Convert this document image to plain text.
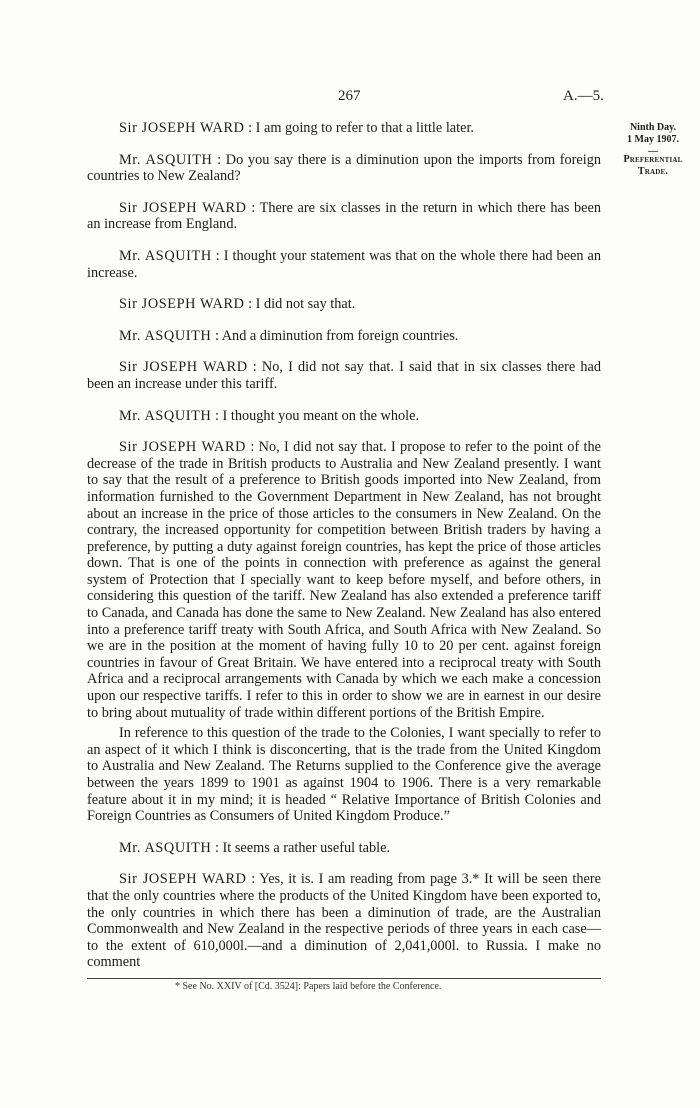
267	A.—5.
Ninth Day.
1 May 1907.
—
Preferential
Trade.

Sir JOSEPH WARD : I am going to refer to that a little later.

Mr. ASQUITH : Do you say there is a diminution upon the imports from foreign countries to New Zealand?

Sir JOSEPH WARD : There are six classes in the return in which there has been an increase from England.

Mr. ASQUITH : I thought your statement was that on the whole there had been an increase.

Sir JOSEPH WARD : I did not say that.

Mr. ASQUITH : And a diminution from foreign countries.

Sir JOSEPH WARD : No, I did not say that. I said that in six classes there had been an increase under this tariff.

Mr. ASQUITH : I thought you meant on the whole.

Sir JOSEPH WARD : No, I did not say that. I propose to refer to the point of the decrease of the trade in British products to Australia and New Zealand presently. I want to say that the result of a preference to British goods imported into New Zealand, from information furnished to the Government Department in New Zealand, has not brought about an increase in the price of those articles to the consumers in New Zealand. On the contrary, the increased opportunity for competition between British traders by having a preference, by putting a duty against foreign countries, has kept the price of those articles down. That is one of the points in connection with preference as against the general system of Protection that I specially want to keep before myself, and before others, in considering this question of the tariff. New Zealand has also extended a preference tariff to Canada, and Canada has done the same to New Zealand. New Zealand has also entered into a preference tariff treaty with South Africa, and South Africa with New Zealand. So we are in the position at the moment of having fully 10 to 20 per cent. against foreign countries in favour of Great Britain. We have entered into a reciprocal treaty with South Africa and a reciprocal arrangements with Canada by which we each make a concession upon our respective tariffs. I refer to this in order to show we are in earnest in our desire to bring about mutuality of trade within different portions of the British Empire.

In reference to this question of the trade to the Colonies, I want specially to refer to an aspect of it which I think is disconcerting, that is the trade from the United Kingdom to Australia and New Zealand. The Returns supplied to the Conference give the average between the years 1899 to 1901 as against 1904 to 1906. There is a very remarkable feature about it in my mind; it is headed “ Relative Importance of British Colonies and Foreign Countries as Consumers of United Kingdom Produce.”

Mr. ASQUITH : It seems a rather useful table.

Sir JOSEPH WARD : Yes, it is. I am reading from page 3.* It will be seen there that the only countries where the products of the United Kingdom have been exported to, the only countries in which there has been a diminution of trade, are the Australian Commonwealth and New Zealand in the respective periods of three years in each case—to the extent of 610,000l.—and a diminution of 2,041,000l. to Russia. I make no comment

* See No. XXIV of [Cd. 3524]: Papers laid before the Conference.
